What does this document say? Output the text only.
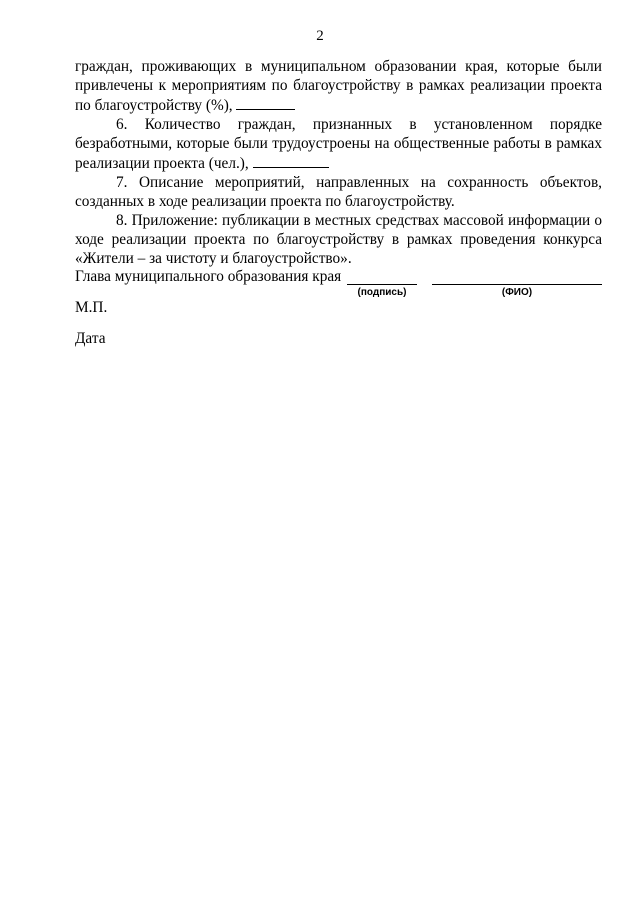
2

граждан, проживающих в муниципальном образовании края, которые были привлечены к мероприятиям по благоустройству в рамках реализации проекта по благоустройству (%),

6. Количество граждан, признанных в установленном порядке безработными, которые были трудоустроены на общественные работы в рамках реализации проекта (чел.),

7. Описание мероприятий, направленных на сохранность объектов, созданных в ходе реализации проекта по благоустройству.

8. Приложение: публикации в местных средствах массовой информации о ходе реализации проекта по благоустройству в рамках проведения конкурса «Жители – за чистоту и благоустройство».

Глава муниципального образования края
(подпись)	(ФИО)
М.П.
Дата
